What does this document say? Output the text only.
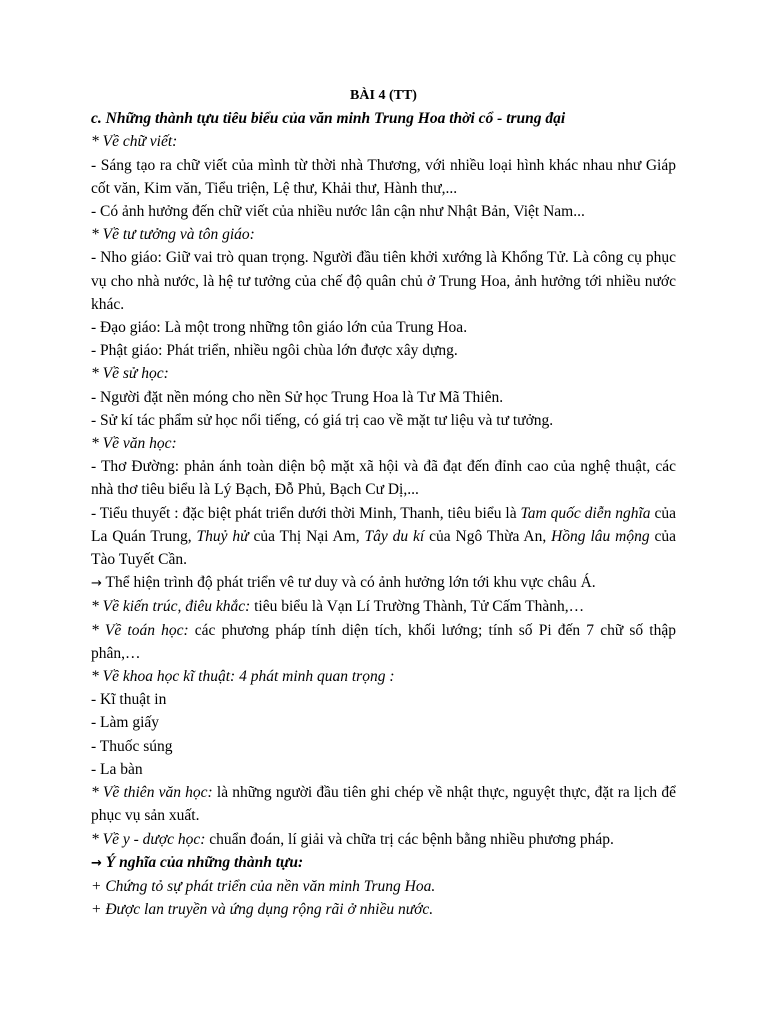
BÀI 4 (TT)
c. Những thành tựu tiêu biểu của văn minh Trung Hoa thời cổ - trung đại
* Về chữ viết:

- Sáng tạo ra chữ viết của mình từ thời nhà Thương, với nhiều loại hình khác nhau như Giáp cốt văn, Kim văn, Tiểu triện, Lệ thư, Khải thư, Hành thư,...

- Có ảnh hưởng đến chữ viết của nhiều nước lân cận như Nhật Bản, Việt Nam...

* Về tư tưởng và tôn giáo:

- Nho giáo: Giữ vai trò quan trọng. Người đầu tiên khởi xướng là Khổng Tử. Là công cụ phục vụ cho nhà nước, là hệ tư tưởng của chế độ quân chủ ở Trung Hoa, ảnh hưởng tới nhiều nước khác.

- Đạo giáo: Là một trong những tôn giáo lớn của Trung Hoa.

- Phật giáo: Phát triển, nhiều ngôi chùa lớn được xây dựng.

* Về sử học:

- Người đặt nền móng cho nền Sử học Trung Hoa là Tư Mã Thiên.

- Sử kí tác phẩm sử học nổi tiếng, có giá trị cao về mặt tư liệu và tư tưởng.

* Về văn học:

- Thơ Đường: phản ánh toàn diện bộ mặt xã hội và đã đạt đến đỉnh cao của nghệ thuật, các nhà thơ tiêu biểu là Lý Bạch, Đỗ Phủ, Bạch Cư Dị,...

- Tiểu thuyết : đặc biệt phát triển dưới thời Minh, Thanh, tiêu biểu là Tam quốc diễn nghĩa của La Quán Trung, Thuỷ hử của Thị Nại Am, Tây du kí của Ngô Thừa An, Hồng lâu mộng của Tào Tuyết Cần.

→ Thể hiện trình độ phát triển vê tư duy và có ảnh hưởng lớn tới khu vực châu Á.

* Về kiến trúc, điêu khắc: tiêu biểu là Vạn Lí Trường Thành, Tử Cấm Thành,…

* Về toán học: các phương pháp tính diện tích, khối lướng; tính số Pi đến 7 chữ số thập phân,…

* Về khoa học kĩ thuật: 4 phát minh quan trọng :

- Kĩ thuật in

- Làm giấy

- Thuốc súng

- La bàn

* Về thiên văn học: là những người đầu tiên ghi chép về nhật thực, nguyệt thực, đặt ra lịch để phục vụ sản xuất.

* Về y - dược học: chuẩn đoán, lí giải và chữa trị các bệnh bằng nhiều phương pháp.

→ Ý nghĩa của những thành tựu:
+ Chứng tỏ sự phát triển của nền văn minh Trung Hoa.
+ Được lan truyền và ứng dụng rộng rãi ở nhiều nước.
